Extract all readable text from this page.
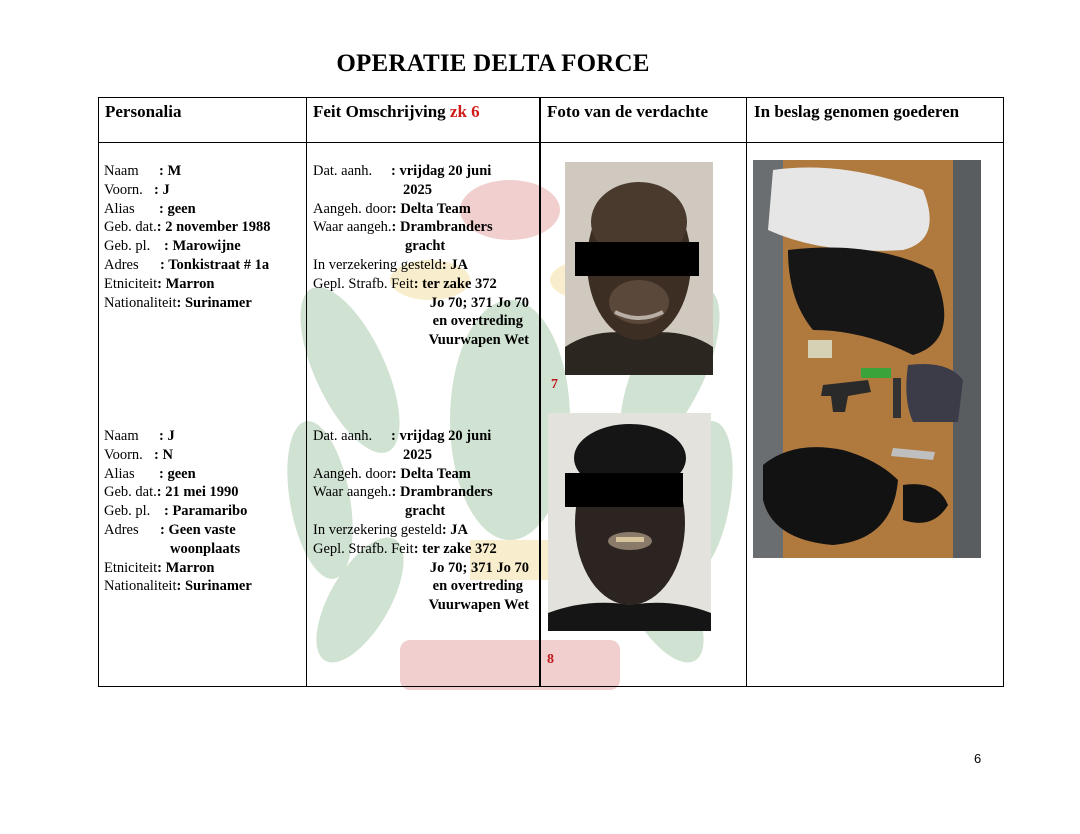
OPERATIE DELTA FORCE
Personalia	Feit Omschrijving zk 6	Foto van de verdachte	In beslag genomen goederen
Naam: M
Voorn.: J
Alias: geen
Geb. dat.: 2 november 1988
Geb. pl.: Marowijne
Adres: Tonkistraat # 1a
Etniciteit: Marron
Nationaliteit: Surinamer
Dat. aanh.: vrijdag 20 juni
2025
Aangeh. door: Delta Team
Waar aangeh.: Drambranders
gracht
In verzekering gesteld: JA
Gepl. Strafb. Feit: ter zake 372
Jo 70; 371 Jo 70
en overtreding
Vuurwapen Wet
Naam: J
Voorn.: N
Alias: geen
Geb. dat.: 21 mei 1990
Geb. pl.: Paramaribo
Adres: Geen vaste
woonplaats
Etniciteit: Marron
Nationaliteit: Surinamer
Dat. aanh.: vrijdag 20 juni
2025
Aangeh. door: Delta Team
Waar aangeh.: Drambranders
gracht
In verzekering gesteld: JA
Gepl. Strafb. Feit: ter zake 372
Jo 70; 371 Jo 70
en overtreding
Vuurwapen Wet
7
8
6
